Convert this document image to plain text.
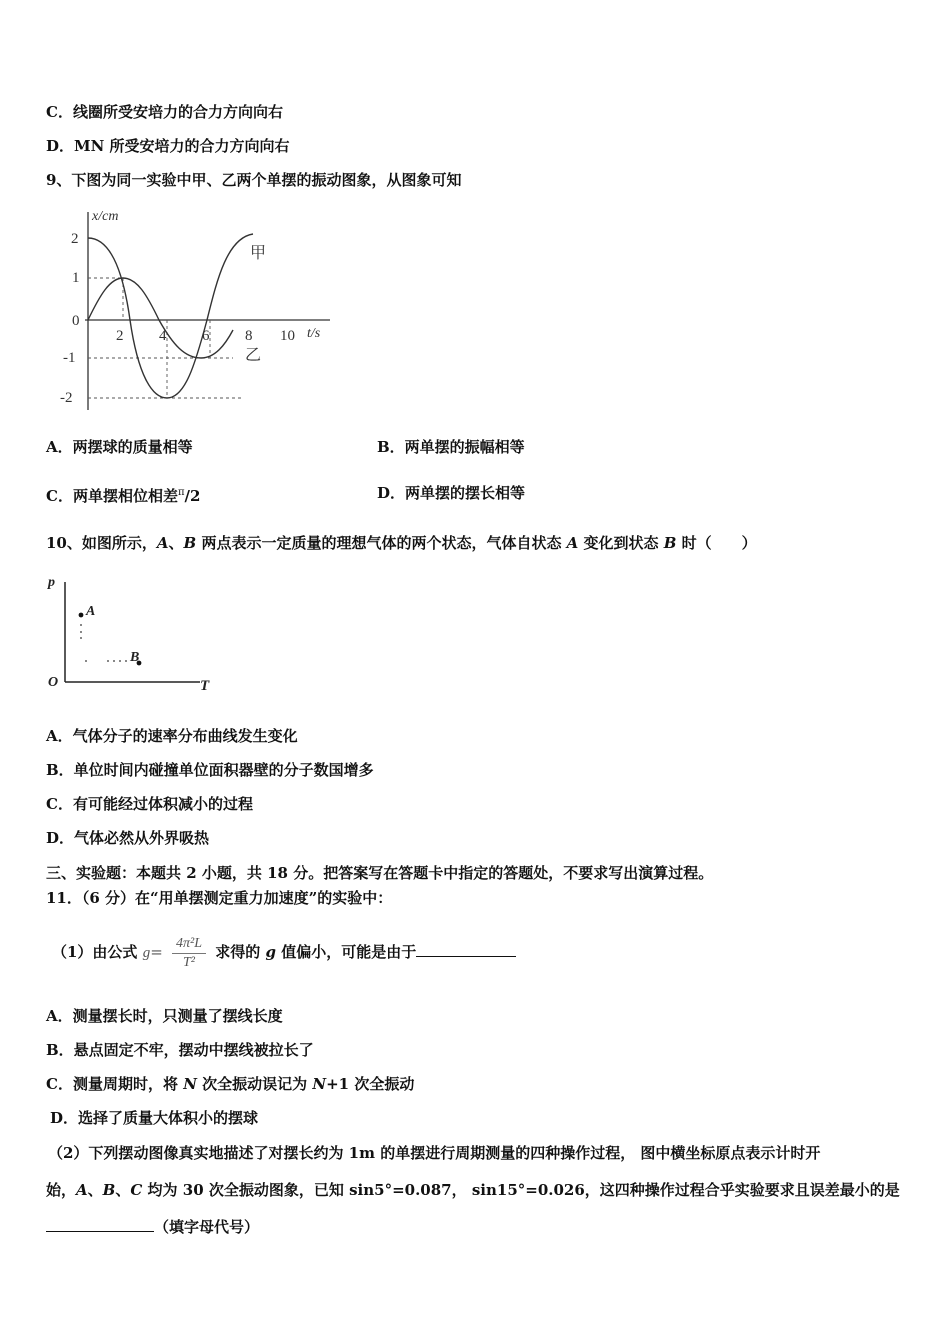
C．线圈所受安培力的合力方向向右
D．MN 所受安培力的合力方向向右
9、下图为同一实验中甲、乙两个单摆的振动图象，从图象可知
x/cm
t/s
2
1
0
-1
-2
2 4 6 8 10
甲
乙
A．两摆球的质量相等	B．两单摆的振幅相等
C．两单摆相位相差$^\pi$/2	D．两单摆的摆长相等
10、如图所示，A、B 两点表示一定质量的理想气体的两个状态，气体自状态 A 变化到状态 B 时（　　）
p
T
O
A
B
A．气体分子的速率分布曲线发生变化
B．单位时间内碰撞单位面积器壁的分子数国增多
C．有可能经过体积减小的过程
D．气体必然从外界吸热
三、实验题：本题共 2 小题，共 18 分。把答案写在答题卡中指定的答题处，不要求写出演算过程。
11．（6 分）在“用单摆测定重力加速度”的实验中：
（1）由公式 $g= \frac{\text{4π²L}}{\text{T²}}$ 求得的 g 值偏小，可能是由于
A．测量摆长时，只测量了摆线长度
B．悬点固定不牢，摆动中摆线被拉长了
C．测量周期时，将 N 次全振动误记为 N+1 次全振动
D．选择了质量大体积小的摆球
（2）下列摆动图像真实地描述了对摆长约为 1m 的单摆进行周期测量的四种操作过程， 图中横坐标原点表示计时开
始，A、B、C 均为 30 次全振动图象，已知 sin5°=0.087， sin15°=0.026，这四种操作过程合乎实验要求且误差最小的是
（填字母代号）
